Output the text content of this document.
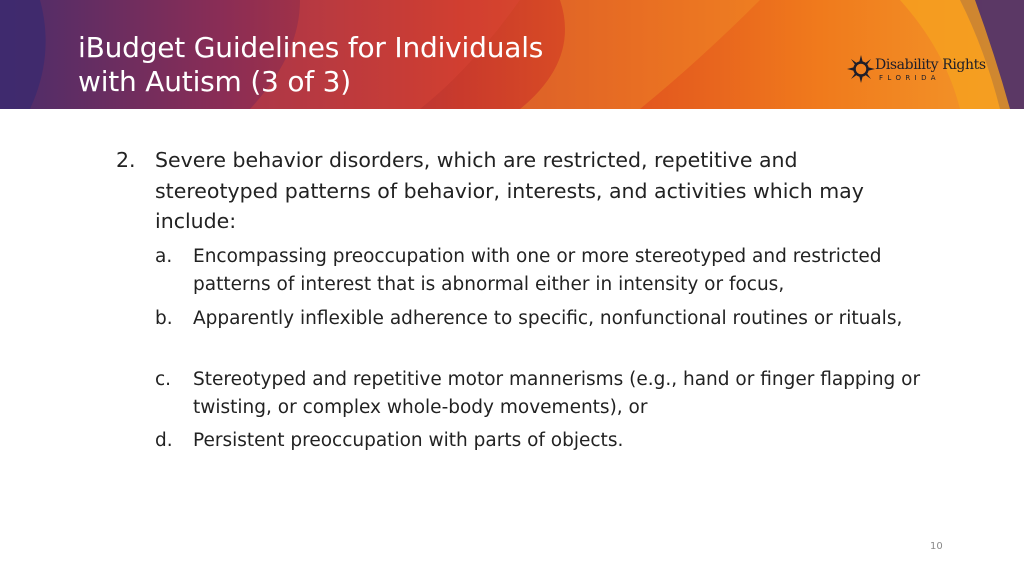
iBudget Guidelines for Individuals
with Autism (3 of 3)	Disability Rights
FLORIDA
2. Severe behavior disorders, which are restricted, repetitive and stereotyped patterns of behavior, interests, and activities which may include:
a. Encompassing preoccupation with one or more stereotyped and restricted patterns of interest that is abnormal either in intensity or focus,
b. Apparently inflexible adherence to specific, nonfunctional routines or rituals,
c. Stereotyped and repetitive motor mannerisms (e.g., hand or finger flapping or twisting, or complex whole-body movements), or
d. Persistent preoccupation with parts of objects.
10
